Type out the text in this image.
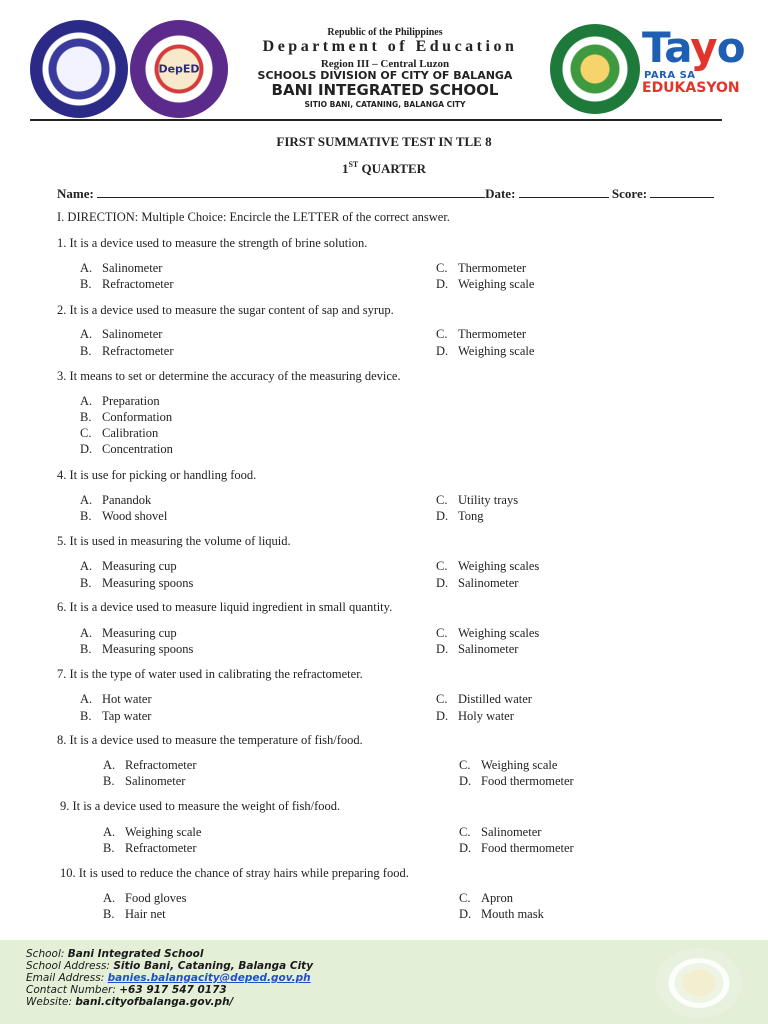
DepED
Republic of the Philippines
Department of Education
Region III – Central Luzon
SCHOOLS DIVISION OF CITY OF BALANGA
BANI INTEGRATED SCHOOL
SITIO BANI, CATANING, BALANGA CITY
Tayo
PARA SA
EDUKASYON
FIRST SUMMATIVE TEST IN TLE 8
1ST QUARTER
Name:	Date:	Score:
I. DIRECTION: Multiple Choice: Encircle the LETTER of the correct answer.
1. It is a device used to measure the strength of brine solution.
A. Salinometer
B. Refractometer
C. Thermometer
D. Weighing scale
2. It is a device used to measure the sugar content of sap and syrup.
A. Salinometer
B. Refractometer
C. Thermometer
D. Weighing scale
3. It means to set or determine the accuracy of the measuring device.
A. Preparation
B. Conformation
C. Calibration
D. Concentration
4. It is use for picking or handling food.
A. Panandok
B. Wood shovel
C. Utility trays
D. Tong
5. It is used in measuring the volume of liquid.
A. Measuring cup
B. Measuring spoons
C. Weighing scales
D. Salinometer
6. It is a device used to measure liquid ingredient in small quantity.
A. Measuring cup
B. Measuring spoons
C. Weighing scales
D. Salinometer
7. It is the type of water used in calibrating the refractometer.
A. Hot water
B. Tap water
C. Distilled water
D. Holy water
8. It is a device used to measure the temperature of fish/food.
A. Refractometer
B. Salinometer
C. Weighing scale
D. Food thermometer
9. It is a device used to measure the weight of fish/food.
A. Weighing scale
B. Refractometer
C. Salinometer
D. Food thermometer
10. It is used to reduce the chance of stray hairs while preparing food.
A. Food gloves
B. Hair net
C. Apron
D. Mouth mask
School: Bani Integrated School
School Address: Sitio Bani, Cataning, Balanga City
Email Address: banies.balangacity@deped.gov.ph
Contact Number: +63 917 547 0173
Website: bani.cityofbalanga.gov.ph/
